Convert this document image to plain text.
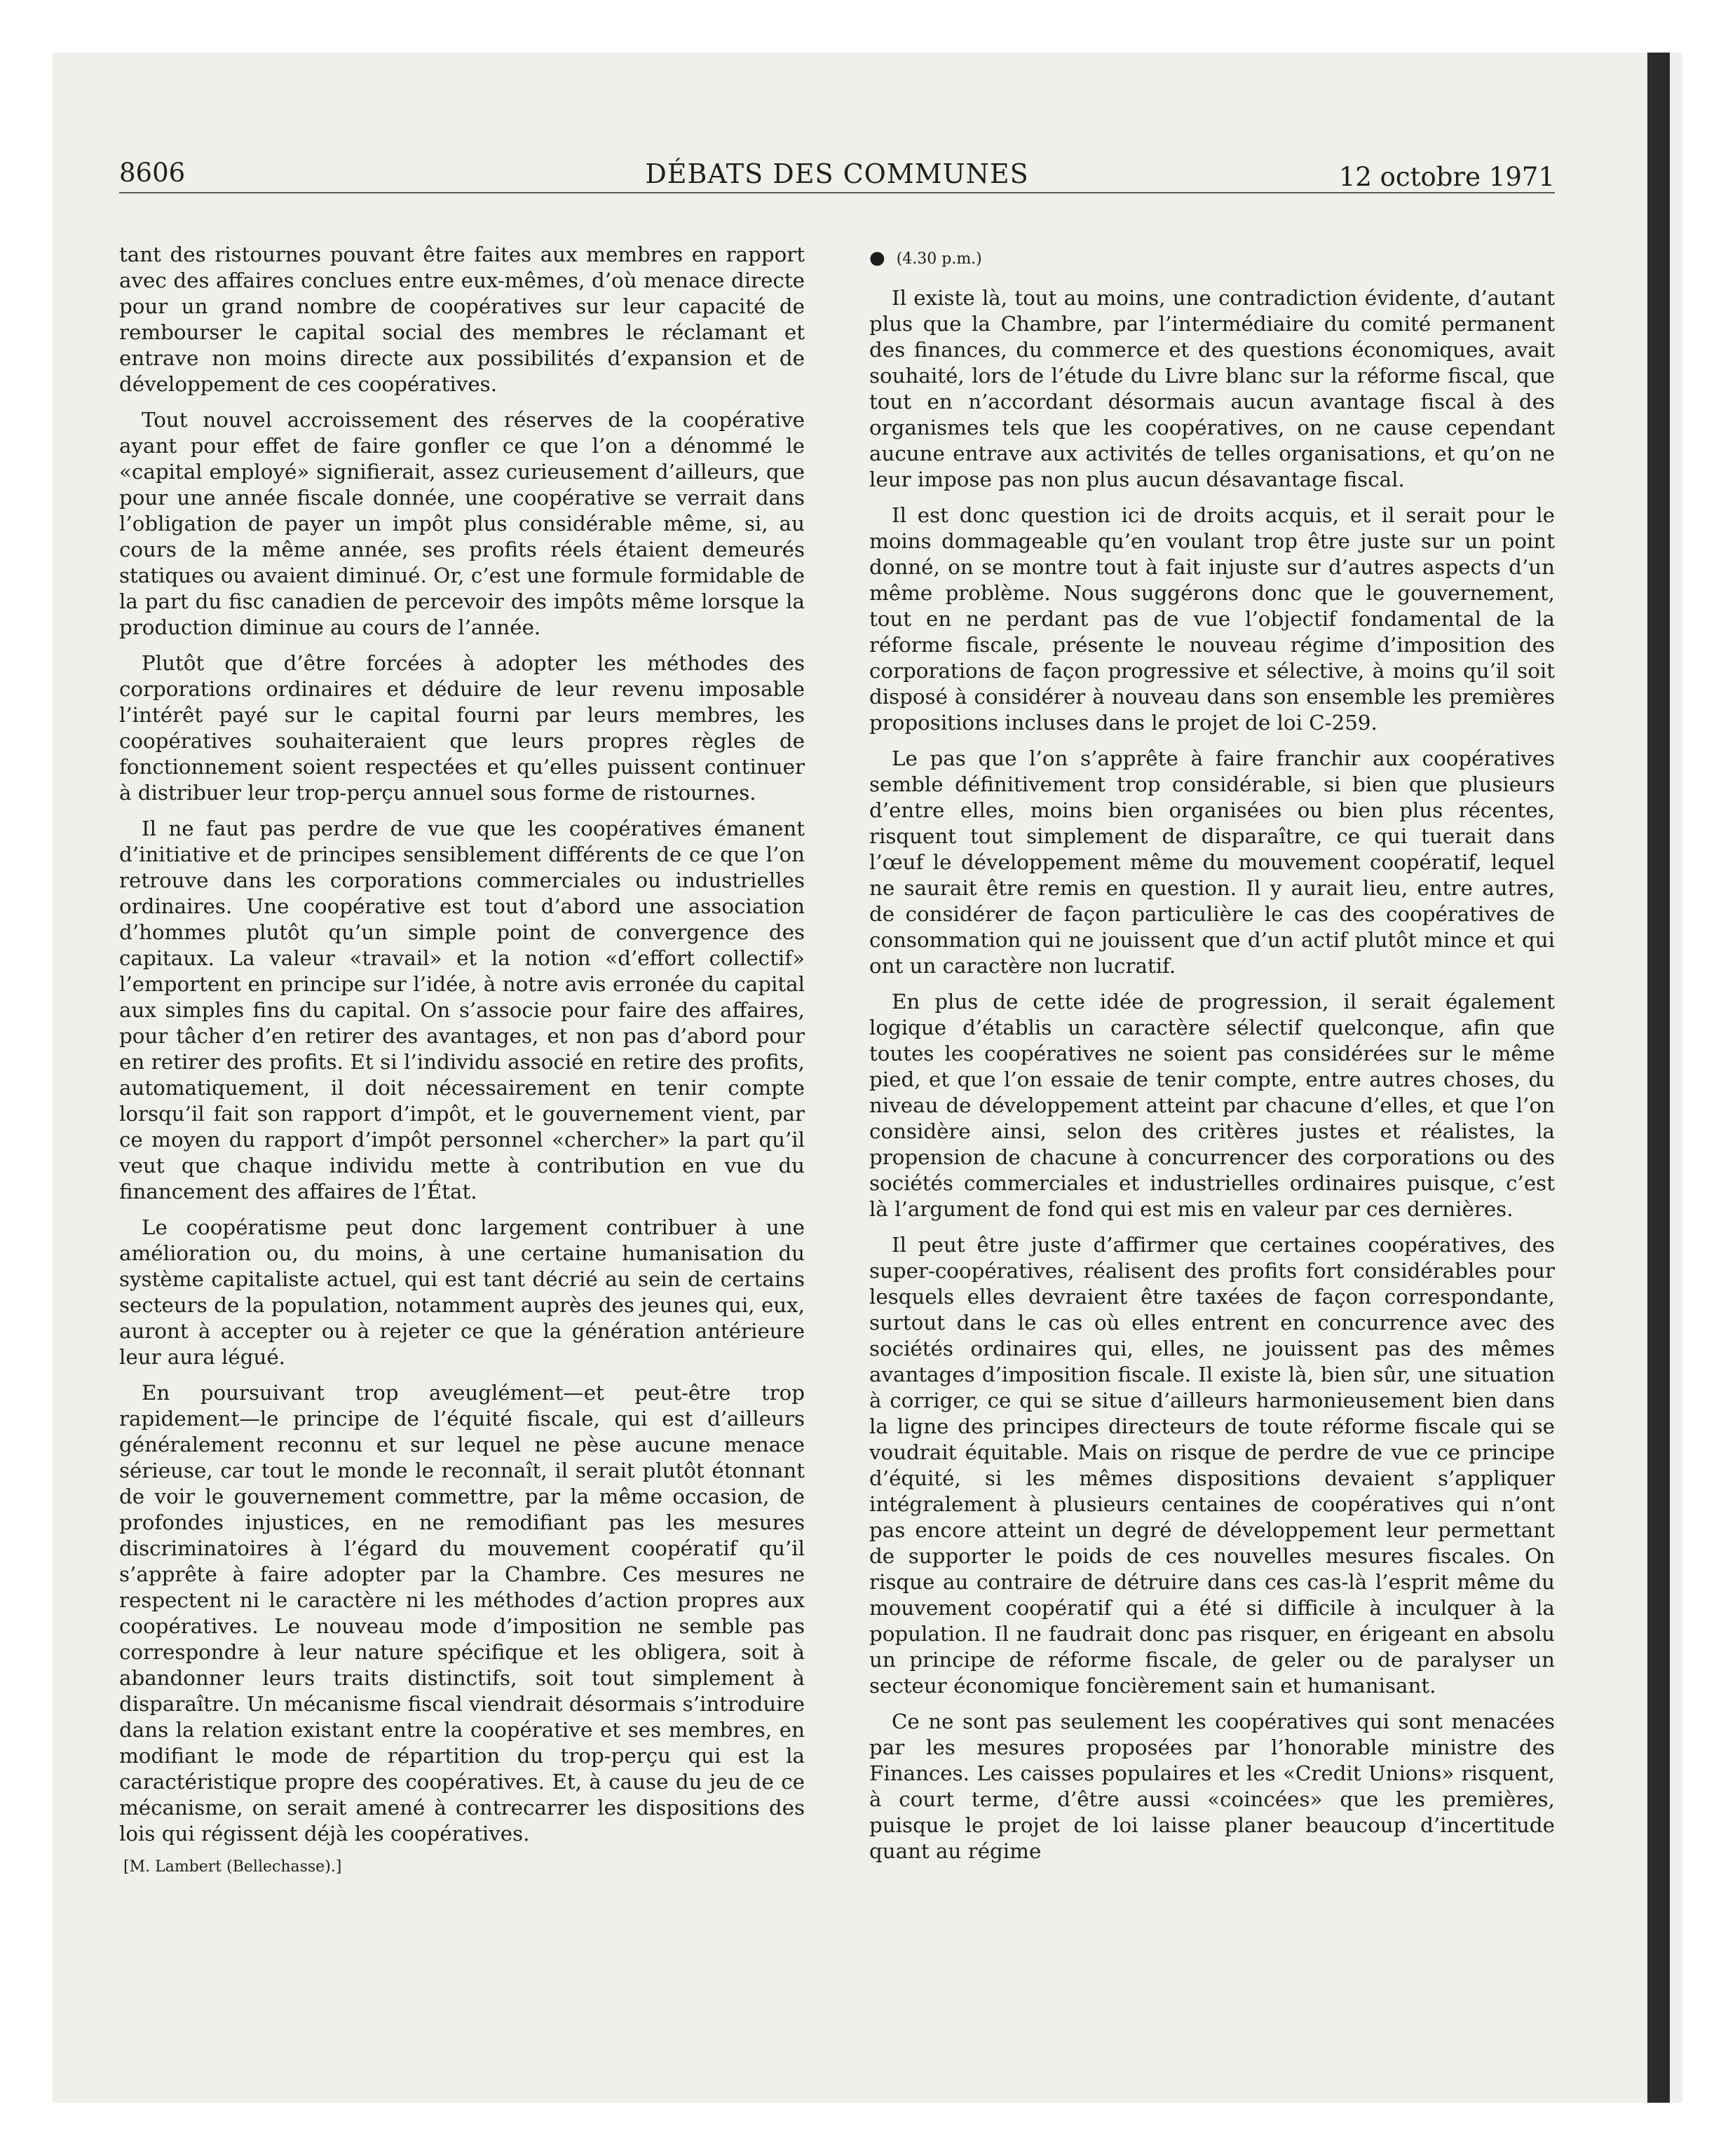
8606	DÉBATS DES COMMUNES	12 octobre 1971

tant des ristournes pouvant être faites aux membres en rapport avec des affaires conclues entre eux-mêmes, d’où menace directe pour un grand nombre de coopératives sur leur capacité de rembourser le capital social des membres le réclamant et entrave non moins directe aux possibilités d’expansion et de développement de ces coopératives.

Tout nouvel accroissement des réserves de la coopérative ayant pour effet de faire gonfler ce que l’on a dénommé le «capital employé» signifierait, assez curieusement d’ailleurs, que pour une année fiscale donnée, une coopérative se verrait dans l’obligation de payer un impôt plus considérable même, si, au cours de la même année, ses profits réels étaient demeurés statiques ou avaient diminué. Or, c’est une formule formidable de la part du fisc canadien de percevoir des impôts même lorsque la production diminue au cours de l’année.

Plutôt que d’être forcées à adopter les méthodes des corporations ordinaires et déduire de leur revenu imposable l’intérêt payé sur le capital fourni par leurs membres, les coopératives souhaiteraient que leurs propres règles de fonctionnement soient respectées et qu’elles puissent continuer à distribuer leur trop-perçu annuel sous forme de ristournes.

Il ne faut pas perdre de vue que les coopératives émanent d’initiative et de principes sensiblement différents de ce que l’on retrouve dans les corporations commerciales ou industrielles ordinaires. Une coopérative est tout d’abord une association d’hommes plutôt qu’un simple point de convergence des capitaux. La valeur «travail» et la notion «d’effort collectif» l’emportent en principe sur l’idée, à notre avis erronée du capital aux simples fins du capital. On s’associe pour faire des affaires, pour tâcher d’en retirer des avantages, et non pas d’abord pour en retirer des profits. Et si l’individu associé en retire des profits, automatiquement, il doit nécessairement en tenir compte lorsqu’il fait son rapport d’impôt, et le gouvernement vient, par ce moyen du rapport d’impôt personnel «chercher» la part qu’il veut que chaque individu mette à contribution en vue du financement des affaires de l’État.

Le coopératisme peut donc largement contribuer à une amélioration ou, du moins, à une certaine humanisation du système capitaliste actuel, qui est tant décrié au sein de certains secteurs de la population, notamment auprès des jeunes qui, eux, auront à accepter ou à rejeter ce que la génération antérieure leur aura légué.

En poursuivant trop aveuglément—et peut-être trop rapidement—le principe de l’équité fiscale, qui est d’ailleurs généralement reconnu et sur lequel ne pèse aucune menace sérieuse, car tout le monde le reconnaît, il serait plutôt étonnant de voir le gouvernement commettre, par la même occasion, de profondes injustices, en ne remodifiant pas les mesures discriminatoires à l’égard du mouvement coopératif qu’il s’apprête à faire adopter par la Chambre. Ces mesures ne respectent ni le caractère ni les méthodes d’action propres aux coopératives. Le nouveau mode d’imposition ne semble pas correspondre à leur nature spécifique et les obligera, soit à abandonner leurs traits distinctifs, soit tout simplement à disparaître. Un mécanisme fiscal viendrait désormais s’introduire dans la relation existant entre la coopérative et ses membres, en modifiant le mode de répartition du trop-perçu qui est la caractéristique propre des coopératives. Et, à cause du jeu de ce mécanisme, on serait amené à contrecarrer les dispositions des lois qui régissent déjà les coopératives.

[M. Lambert (Bellechasse).]
● (4.30 p.m.)

Il existe là, tout au moins, une contradiction évidente, d’autant plus que la Chambre, par l’intermédiaire du comité permanent des finances, du commerce et des questions économiques, avait souhaité, lors de l’étude du Livre blanc sur la réforme fiscal, que tout en n’accordant désormais aucun avantage fiscal à des organismes tels que les coopératives, on ne cause cependant aucune entrave aux activités de telles organisations, et qu’on ne leur impose pas non plus aucun désavantage fiscal.

Il est donc question ici de droits acquis, et il serait pour le moins dommageable qu’en voulant trop être juste sur un point donné, on se montre tout à fait injuste sur d’autres aspects d’un même problème. Nous suggérons donc que le gouvernement, tout en ne perdant pas de vue l’objectif fondamental de la réforme fiscale, présente le nouveau régime d’imposition des corporations de façon progressive et sélective, à moins qu’il soit disposé à considérer à nouveau dans son ensemble les premières propositions incluses dans le projet de loi C-259.

Le pas que l’on s’apprête à faire franchir aux coopératives semble définitivement trop considérable, si bien que plusieurs d’entre elles, moins bien organisées ou bien plus récentes, risquent tout simplement de disparaître, ce qui tuerait dans l’œuf le développement même du mouvement coopératif, lequel ne saurait être remis en question. Il y aurait lieu, entre autres, de considérer de façon particulière le cas des coopératives de consommation qui ne jouissent que d’un actif plutôt mince et qui ont un caractère non lucratif.

En plus de cette idée de progression, il serait également logique d’établis un caractère sélectif quelconque, afin que toutes les coopératives ne soient pas considérées sur le même pied, et que l’on essaie de tenir compte, entre autres choses, du niveau de développement atteint par chacune d’elles, et que l’on considère ainsi, selon des critères justes et réalistes, la propension de chacune à concurrencer des corporations ou des sociétés commerciales et industrielles ordinaires puisque, c’est là l’argument de fond qui est mis en valeur par ces dernières.

Il peut être juste d’affirmer que certaines coopératives, des super-coopératives, réalisent des profits fort considérables pour lesquels elles devraient être taxées de façon correspondante, surtout dans le cas où elles entrent en concurrence avec des sociétés ordinaires qui, elles, ne jouissent pas des mêmes avantages d’imposition fiscale. Il existe là, bien sûr, une situation à corriger, ce qui se situe d’ailleurs harmonieusement bien dans la ligne des principes directeurs de toute réforme fiscale qui se voudrait équitable. Mais on risque de perdre de vue ce principe d’équité, si les mêmes dispositions devaient s’appliquer intégralement à plusieurs centaines de coopératives qui n’ont pas encore atteint un degré de développement leur permettant de supporter le poids de ces nouvelles mesures fiscales. On risque au contraire de détruire dans ces cas-là l’esprit même du mouvement coopératif qui a été si difficile à inculquer à la population. Il ne faudrait donc pas risquer, en érigeant en absolu un principe de réforme fiscale, de geler ou de paralyser un secteur économique foncièrement sain et humanisant.

Ce ne sont pas seulement les coopératives qui sont menacées par les mesures proposées par l’honorable ministre des Finances. Les caisses populaires et les «Credit Unions» risquent, à court terme, d’être aussi «coincées» que les premières, puisque le projet de loi laisse planer beaucoup d’incertitude quant au régime
